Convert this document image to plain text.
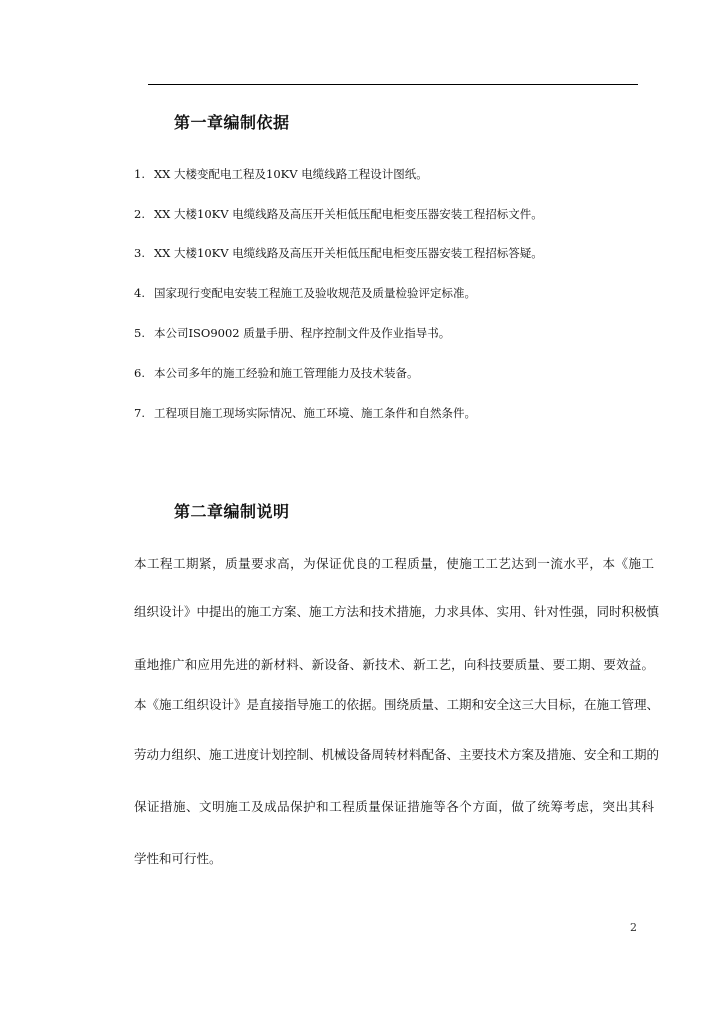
第一章编制依据
1. XX 大楼变配电工程及10KV 电缆线路工程设计图纸。
2. XX 大楼10KV 电缆线路及高压开关柜低压配电柜变压器安装工程招标文件。
3. XX 大楼10KV 电缆线路及高压开关柜低压配电柜变压器安装工程招标答疑。
4. 国家现行变配电安装工程施工及验收规范及质量检验评定标准。
5. 本公司ISO9002 质量手册、程序控制文件及作业指导书。
6. 本公司多年的施工经验和施工管理能力及技术装备。
7. 工程项目施工现场实际情况、施工环境、施工条件和自然条件。
第二章编制说明
本工程工期紧，质量要求高，为保证优良的工程质量，使施工工艺达到一流水平，本《施工
组织设计》中提出的施工方案、施工方法和技术措施，力求具体、实用、针对性强，同时积极慎
重地推广和应用先进的新材料、新设备、新技术、新工艺，向科技要质量、要工期、要效益。
本《施工组织设计》是直接指导施工的依据。围绕质量、工期和安全这三大目标，在施工管理、
劳动力组织、施工进度计划控制、机械设备周转材料配备、主要技术方案及措施、安全和工期的
保证措施、文明施工及成品保护和工程质量保证措施等各个方面，做了统筹考虑，突出其科
学性和可行性。
2
